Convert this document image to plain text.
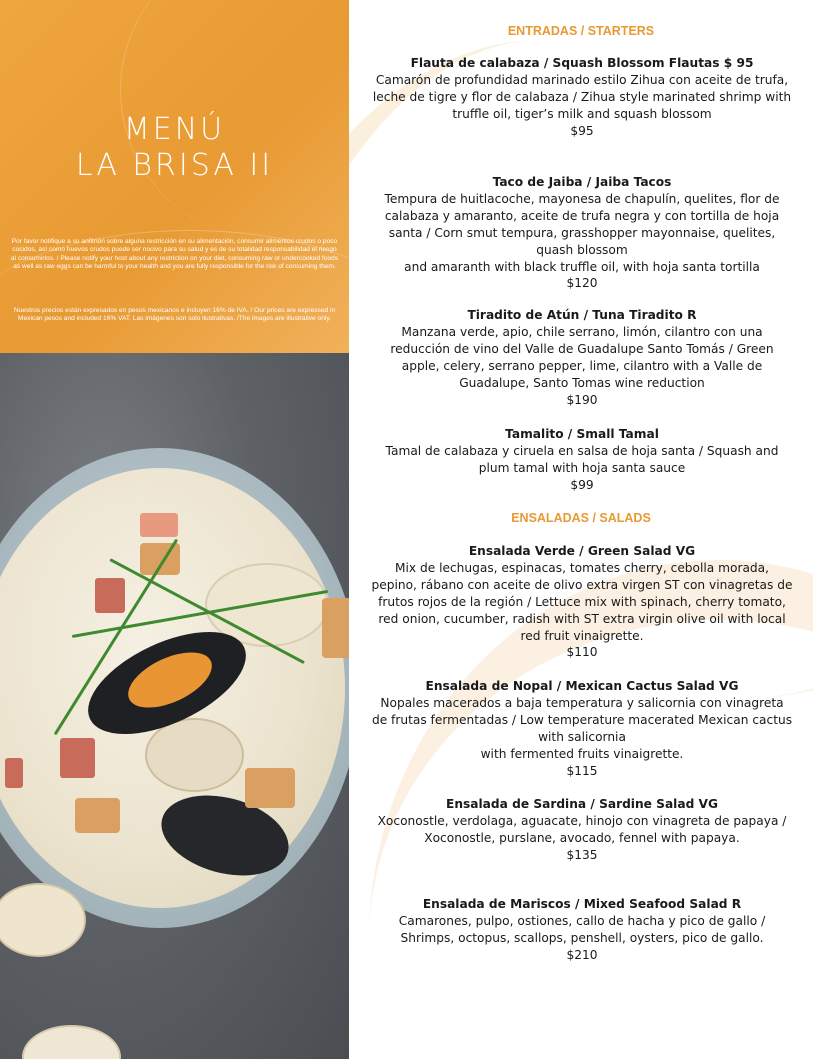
MENÚ
LA BRISA II
Por favor notifique a su anfitrión sobre alguna restricción en su alimentación, consumir alimentos crudos o poco cocidos, así como huevos crudos puede ser nocivo para su salud y es de su totalidad responsabilidad el riesgo al consumirlos. / Please notify your host about any restriction on your diet, consuming raw or undercooked foods as well as raw eggs can be harmful to your health and you are fully responsible for the risk of consuming them.
Nuestros precios están expresados en pesos mexicanos e incluyen 16% de IVA. / Our prices are expressed in Mexican pesos and included 16% VAT. Las imágenes son solo ilustrativas. /The images are illustrative only.
ENTRADAS / STARTERS
Flauta de calabaza / Squash Blossom Flautas $ 95
Camarón de profundidad marinado estilo Zihua con aceite de trufa, leche de tigre y flor de calabaza / Zihua style marinated shrimp with truffle oil, tiger’s milk and squash blossom
$95
Taco de Jaiba / Jaiba Tacos
Tempura de huitlacoche, mayonesa de chapulín, quelites, flor de calabaza y amaranto, aceite de trufa negra y con tortilla de hoja santa / Corn smut tempura, grasshopper mayonnaise, quelites, quash blossom
and amaranth with black truffle oil, with hoja santa tortilla
$120
Tiradito de Atún / Tuna Tiradito R
Manzana verde, apio, chile serrano, limón, cilantro con una reducción de vino del Valle de Guadalupe Santo Tomás / Green apple, celery, serrano pepper, lime, cilantro with a Valle de Guadalupe, Santo Tomas wine reduction
$190
Tamalito / Small Tamal
Tamal de calabaza y ciruela en salsa de hoja santa / Squash and plum tamal with hoja santa sauce
$99
ENSALADAS / SALADS
Ensalada Verde / Green Salad VG
Mix de lechugas, espinacas, tomates cherry, cebolla morada, pepino, rábano con aceite de olivo extra virgen ST con vinagretas de frutos rojos de la región / Lettuce mix with spinach, cherry tomato, red onion, cucumber, radish with ST extra virgin olive oil with local red fruit vinaigrette.
$110
Ensalada de Nopal / Mexican Cactus Salad VG
Nopales macerados a baja temperatura y salicornia con vinagreta de frutas fermentadas / Low temperature macerated Mexican cactus with salicornia
with fermented fruits vinaigrette.
$115
Ensalada de Sardina / Sardine Salad VG
Xoconostle, verdolaga, aguacate, hinojo con vinagreta de papaya / Xoconostle, purslane, avocado, fennel with papaya.
$135
Ensalada de Mariscos / Mixed Seafood Salad R
Camarones, pulpo, ostiones, callo de hacha y pico de gallo / Shrimps, octopus, scallops, penshell, oysters, pico de gallo.
$210
